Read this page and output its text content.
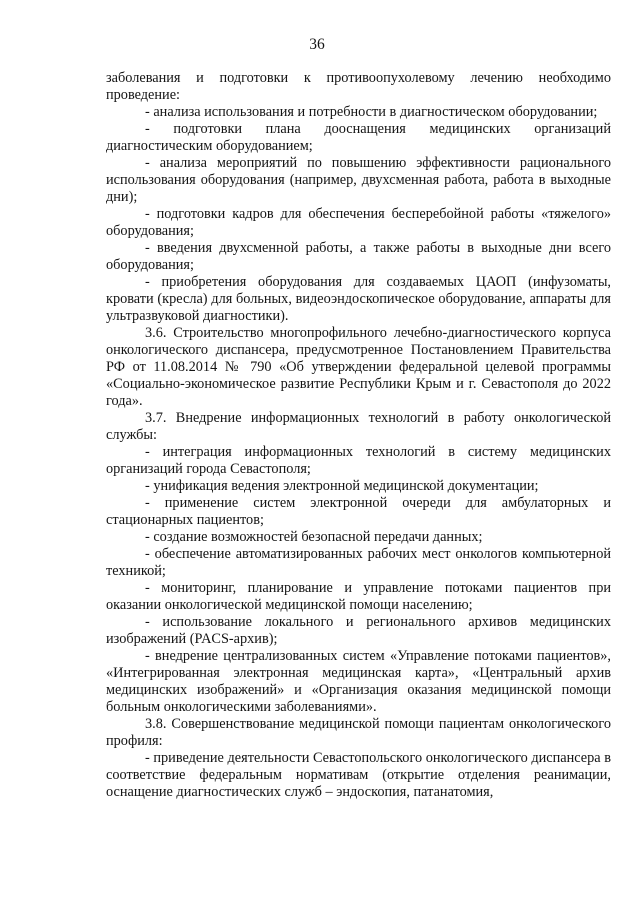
36

заболевания и подготовки к противоопухолевому лечению необходимо проведение:

- анализа использования и потребности в диагностическом оборудовании;

- подготовки плана дооснащения медицинских организаций диагностическим оборудованием;

- анализа мероприятий по повышению эффективности рационального использования оборудования (например, двухсменная работа, работа в выходные дни);

- подготовки кадров для обеспечения бесперебойной работы «тяжелого» оборудования;

- введения двухсменной работы, а также работы в выходные дни всего оборудования;

- приобретения оборудования для создаваемых ЦАОП (инфузоматы, кровати (кресла) для больных, видеоэндоскопическое оборудование, аппараты для ультразвуковой диагностики).

3.6. Строительство многопрофильного лечебно-диагностического корпуса онкологического диспансера, предусмотренное Постановлением Правительства РФ от 11.08.2014 № 790 «Об утверждении федеральной целевой программы «Социально-экономическое развитие Республики Крым и г. Севастополя до 2022 года».

3.7. Внедрение информационных технологий в работу онкологической службы:

- интеграция информационных технологий в систему медицинских организаций города Севастополя;

- унификация ведения электронной медицинской документации;

- применение систем электронной очереди для амбулаторных и стационарных пациентов;

- создание возможностей безопасной передачи данных;

- обеспечение автоматизированных рабочих мест онкологов компьютерной техникой;

- мониторинг, планирование и управление потоками пациентов при оказании онкологической медицинской помощи населению;

- использование локального и регионального архивов медицинских изображений (PACS-архив);

- внедрение централизованных систем «Управление потоками пациентов», «Интегрированная электронная медицинская карта», «Центральный архив медицинских изображений» и «Организация оказания медицинской помощи больным онкологическими заболеваниями».

3.8. Совершенствование медицинской помощи пациентам онкологического профиля:

- приведение деятельности Севастопольского онкологического диспансера в соответствие федеральным нормативам (открытие отделения реанимации, оснащение диагностических служб – эндоскопия, патанатомия,
